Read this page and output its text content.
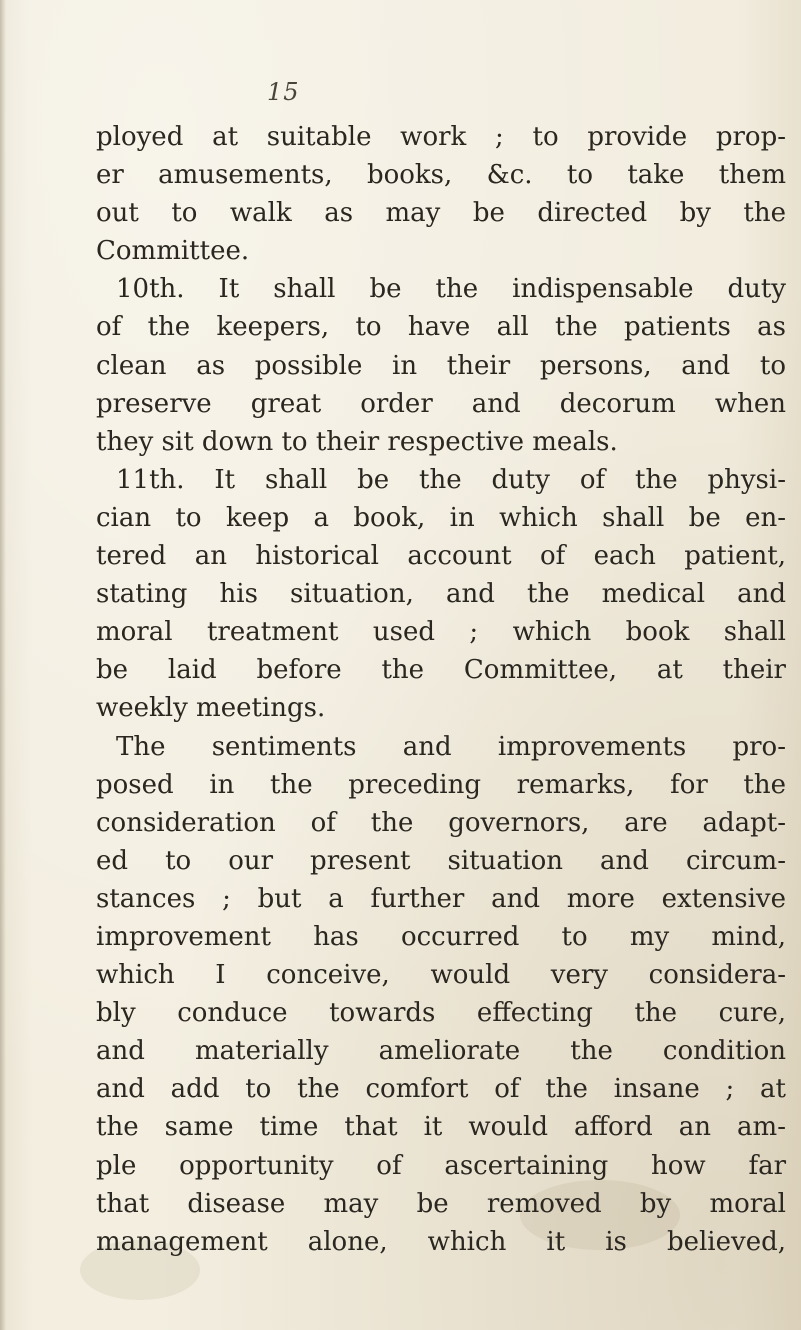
15
ployed at suitable work ; to provide prop-
er amusements, books, &c. to take them
out to walk as may be directed by the
Committee.
10th. It shall be the indispensable duty
of the keepers, to have all the patients as
clean as possible in their persons, and to
preserve great order and decorum when
they sit down to their respective meals.
11th. It shall be the duty of the physi-
cian to keep a book, in which shall be en-
tered an historical account of each patient,
stating his situation, and the medical and
moral treatment used ; which book shall
be laid before the Committee, at their
weekly meetings.
The sentiments and improvements pro-
posed in the preceding remarks, for the
consideration of the governors, are adapt-
ed to our present situation and circum-
stances ; but a further and more extensive
improvement has occurred to my mind,
which I conceive, would very considera-
bly conduce towards effecting the cure,
and materially ameliorate the condition
and add to the comfort of the insane ; at
the same time that it would afford an am-
ple opportunity of ascertaining how far
that disease may be removed by moral
management alone, which it is believed,
